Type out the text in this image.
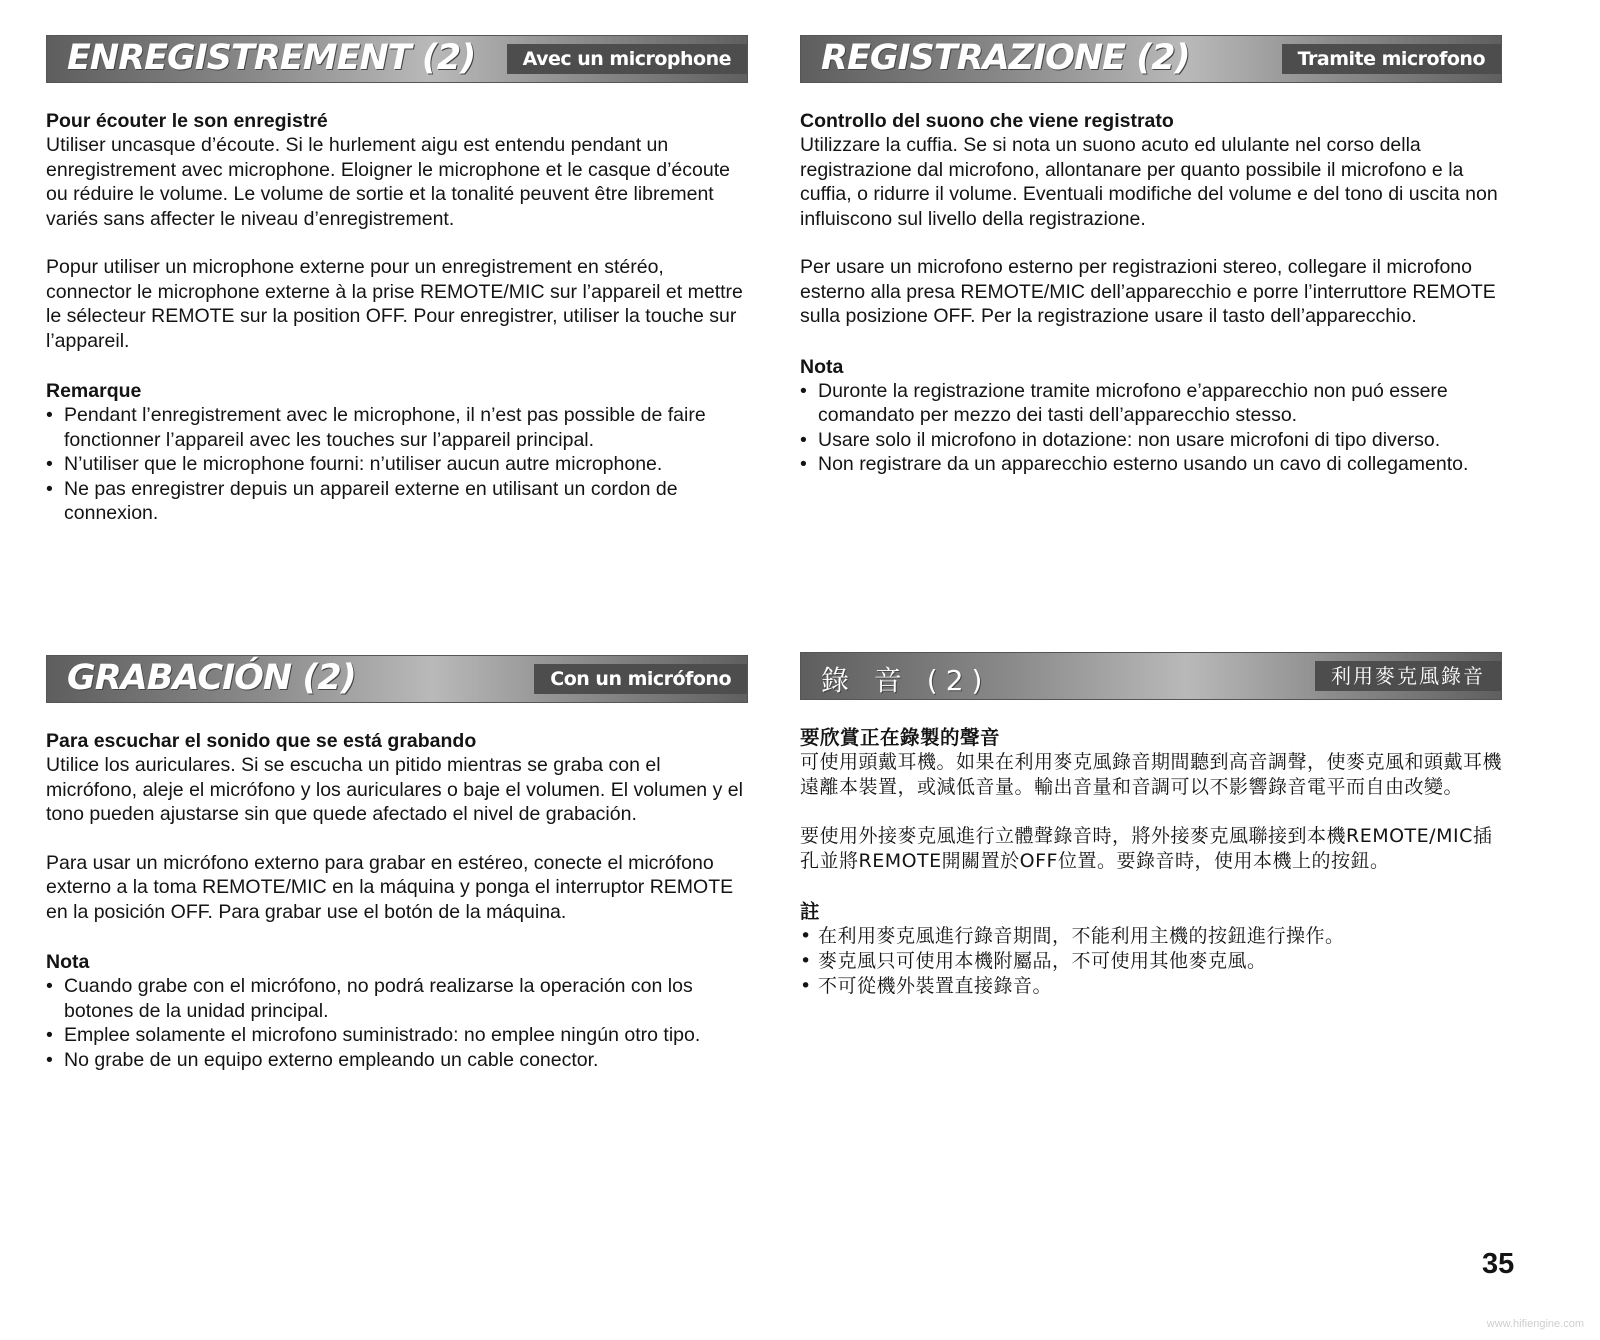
ENREGISTREMENT (2)	Avec un microphone
Pour écouter le son enregistré

Utiliser uncasque d’écoute. Si le hurlement aigu est entendu pendant un enregistrement avec microphone. Eloigner le microphone et le casque d’écoute ou réduire le volume. Le volume de sortie et la tonalité peuvent être librement variés sans affecter le niveau d’enregistrement.

Popur utiliser un microphone externe pour un enregistrement en stéréo, connector le microphone externe à la prise REMOTE/MIC sur l’appareil et mettre le sélecteur REMOTE sur la position OFF. Pour enregistrer, utiliser la touche sur l’appareil.

Remarque
• Pendant l’enregistrement avec le microphone, il n’est pas possible de faire fonctionner l’appareil avec les touches sur l’appareil principal.
• N’utiliser que le microphone fourni: n’utiliser aucun autre microphone.
• Ne pas enregistrer depuis un appareil externe en utilisant un cordon de connexion.
REGISTRAZIONE (2)	Tramite microfono
Controllo del suono che viene registrato

Utilizzare la cuffia. Se si nota un suono acuto ed ululante nel corso della registrazione dal microfono, allontanare per quanto possibile il microfono e la cuffia, o ridurre il volume. Eventuali modifiche del volume e del tono di uscita non influiscono sul livello della registrazione.

Per usare un microfono esterno per registrazioni stereo, collegare il microfono esterno alla presa REMOTE/MIC dell’apparecchio e porre l’interruttore REMOTE sulla posizione OFF. Per la registrazione usare il tasto dell’apparecchio.

Nota
• Duronte la registrazione tramite microfono e’apparecchio non puó essere comandato per mezzo dei tasti dell’apparecchio stesso.
• Usare solo il microfono in dotazione: non usare microfoni di tipo diverso.
• Non registrare da un apparecchio esterno usando un cavo di collegamento.
GRABACIÓN (2)	Con un micrófono
Para escuchar el sonido que se está grabando

Utilice los auriculares. Si se escucha un pitido mientras se graba con el micrófono, aleje el micrófono y los auriculares o baje el volumen. El volumen y el tono pueden ajustarse sin que quede afectado el nivel de grabación.

Para usar un micrófono externo para grabar en estéreo, conecte el micrófono externo a la toma REMOTE/MIC en la máquina y ponga el interruptor REMOTE en la posición OFF. Para grabar use el botón de la máquina.

Nota
• Cuando grabe con el micrófono, no podrá realizarse la operación con los botones de la unidad principal.
• Emplee solamente el microfono suministrado: no emplee ningún otro tipo.
• No grabe de un equipo externo empleando un cable conector.
錄 音 (2)	利用麥克風錄音
要欣賞正在錄製的聲音

可使用頭戴耳機。如果在利用麥克風錄音期間聽到高音調聲，使麥克風和頭戴耳機遠離本裝置，或減低音量。輸出音量和音調可以不影響錄音電平而自由改變。

要使用外接麥克風進行立體聲錄音時，將外接麥克風聯接到本機REMOTE/MIC插孔並將REMOTE開關置於OFF位置。要錄音時，使用本機上的按鈕。

註
• 在利用麥克風進行錄音期間，不能利用主機的按鈕進行操作。
• 麥克風只可使用本機附屬品，不可使用其他麥克風。
• 不可從機外裝置直接錄音。
35
www.hifiengine.com
